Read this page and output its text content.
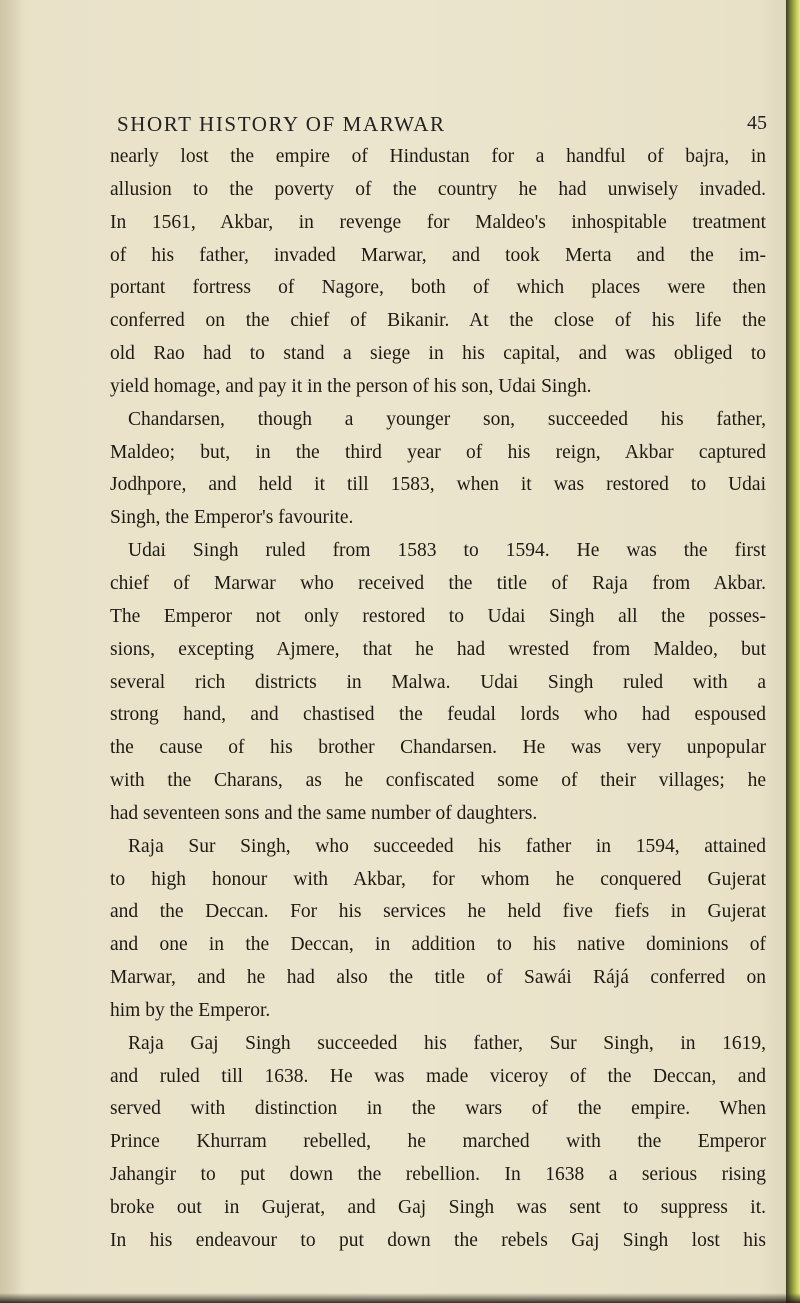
SHORT HISTORY OF MARWAR	45
nearly lost the empire of Hindustan for a handful of bajra, in
allusion to the poverty of the country he had unwisely invaded.
In 1561, Akbar, in revenge for Maldeo's inhospitable treatment
of his father, invaded Marwar, and took Merta and the im-
portant fortress of Nagore, both of which places were then
conferred on the chief of Bikanir. At the close of his life the
old Rao had to stand a siege in his capital, and was obliged to
yield homage, and pay it in the person of his son, Udai Singh.
Chandarsen, though a younger son, succeeded his father,
Maldeo; but, in the third year of his reign, Akbar captured
Jodhpore, and held it till 1583, when it was restored to Udai
Singh, the Emperor's favourite.
Udai Singh ruled from 1583 to 1594. He was the first
chief of Marwar who received the title of Raja from Akbar.
The Emperor not only restored to Udai Singh all the posses-
sions, excepting Ajmere, that he had wrested from Maldeo, but
several rich districts in Malwa. Udai Singh ruled with a
strong hand, and chastised the feudal lords who had espoused
the cause of his brother Chandarsen. He was very unpopular
with the Charans, as he confiscated some of their villages; he
had seventeen sons and the same number of daughters.
Raja Sur Singh, who succeeded his father in 1594, attained
to high honour with Akbar, for whom he conquered Gujerat
and the Deccan. For his services he held five fiefs in Gujerat
and one in the Deccan, in addition to his native dominions of
Marwar, and he had also the title of Sawái Rájá conferred on
him by the Emperor.
Raja Gaj Singh succeeded his father, Sur Singh, in 1619,
and ruled till 1638. He was made viceroy of the Deccan, and
served with distinction in the wars of the empire. When
Prince Khurram rebelled, he marched with the Emperor
Jahangir to put down the rebellion. In 1638 a serious rising
broke out in Gujerat, and Gaj Singh was sent to suppress it.
In his endeavour to put down the rebels Gaj Singh lost his
